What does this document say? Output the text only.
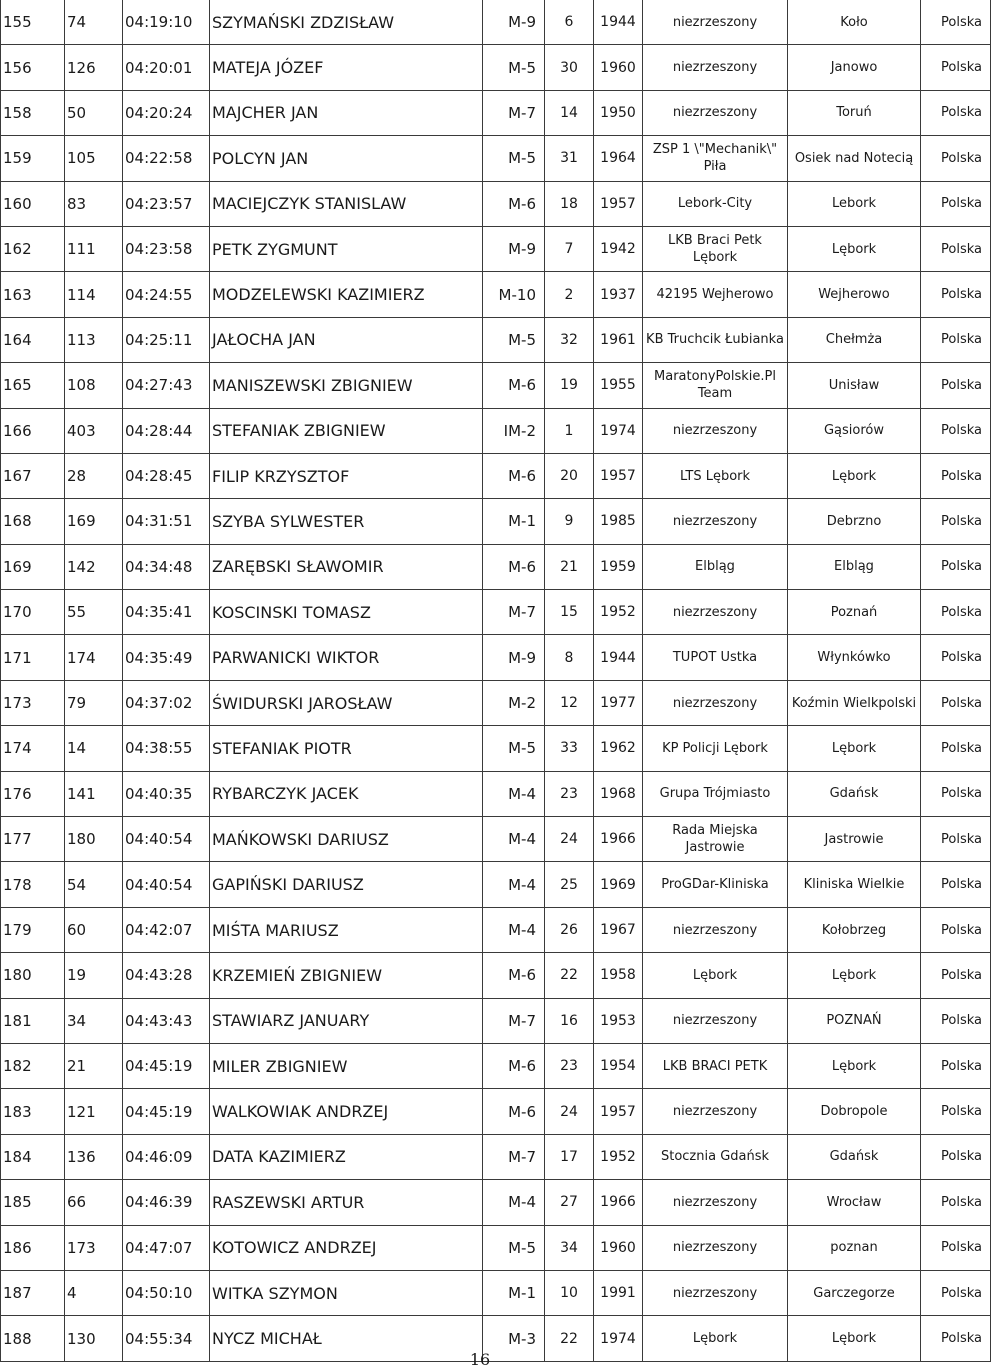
155	74	04:19:10	SZYMAŃSKI ZDZISŁAW	M-9	6	1944	niezrzeszony	Koło	Polska
156	126	04:20:01	MATEJA JÓZEF	M-5	30	1960	niezrzeszony	Janowo	Polska
158	50	04:20:24	MAJCHER JAN	M-7	14	1950	niezrzeszony	Toruń	Polska
159	105	04:22:58	POLCYN JAN	M-5	31	1964	ZSP 1 \"Mechanik\" Piła	Osiek nad Notecią	Polska
160	83	04:23:57	MACIEJCZYK STANISLAW	M-6	18	1957	Lebork-City	Lebork	Polska
162	111	04:23:58	PETK ZYGMUNT	M-9	7	1942	LKB Braci Petk Lębork	Lębork	Polska
163	114	04:24:55	MODZELEWSKI KAZIMIERZ	M-10	2	1937	42195 Wejherowo	Wejherowo	Polska
164	113	04:25:11	JAŁOCHA JAN	M-5	32	1961	KB Truchcik Łubianka	Chełmża	Polska
165	108	04:27:43	MANISZEWSKI ZBIGNIEW	M-6	19	1955	MaratonyPolskie.Pl Team	Unisław	Polska
166	403	04:28:44	STEFANIAK ZBIGNIEW	IM-2	1	1974	niezrzeszony	Gąsiorów	Polska
167	28	04:28:45	FILIP KRZYSZTOF	M-6	20	1957	LTS Lębork	Lębork	Polska
168	169	04:31:51	SZYBA SYLWESTER	M-1	9	1985	niezrzeszony	Debrzno	Polska
169	142	04:34:48	ZARĘBSKI SŁAWOMIR	M-6	21	1959	Elbląg	Elbląg	Polska
170	55	04:35:41	KOSCINSKI TOMASZ	M-7	15	1952	niezrzeszony	Poznań	Polska
171	174	04:35:49	PARWANICKI WIKTOR	M-9	8	1944	TUPOT Ustka	Włynkówko	Polska
173	79	04:37:02	ŚWIDURSKI JAROSŁAW	M-2	12	1977	niezrzeszony	Koźmin Wielkpolski	Polska
174	14	04:38:55	STEFANIAK PIOTR	M-5	33	1962	KP Policji Lębork	Lębork	Polska
176	141	04:40:35	RYBARCZYK JACEK	M-4	23	1968	Grupa Trójmiasto	Gdańsk	Polska
177	180	04:40:54	MAŃKOWSKI DARIUSZ	M-4	24	1966	Rada Miejska Jastrowie	Jastrowie	Polska
178	54	04:40:54	GAPIŃSKI DARIUSZ	M-4	25	1969	ProGDar-Kliniska	Kliniska Wielkie	Polska
179	60	04:42:07	MIŚTA MARIUSZ	M-4	26	1967	niezrzeszony	Kołobrzeg	Polska
180	19	04:43:28	KRZEMIEŃ ZBIGNIEW	M-6	22	1958	Lębork	Lębork	Polska
181	34	04:43:43	STAWIARZ JANUARY	M-7	16	1953	niezrzeszony	POZNAŃ	Polska
182	21	04:45:19	MILER ZBIGNIEW	M-6	23	1954	LKB BRACI PETK	Lębork	Polska
183	121	04:45:19	WALKOWIAK ANDRZEJ	M-6	24	1957	niezrzeszony	Dobropole	Polska
184	136	04:46:09	DATA KAZIMIERZ	M-7	17	1952	Stocznia Gdańsk	Gdańsk	Polska
185	66	04:46:39	RASZEWSKI ARTUR	M-4	27	1966	niezrzeszony	Wrocław	Polska
186	173	04:47:07	KOTOWICZ ANDRZEJ	M-5	34	1960	niezrzeszony	poznan	Polska
187	4	04:50:10	WITKA SZYMON	M-1	10	1991	niezrzeszony	Garczegorze	Polska
188	130	04:55:34	NYCZ MICHAŁ	M-3	22	1974	Lębork	Lębork	Polska
16
